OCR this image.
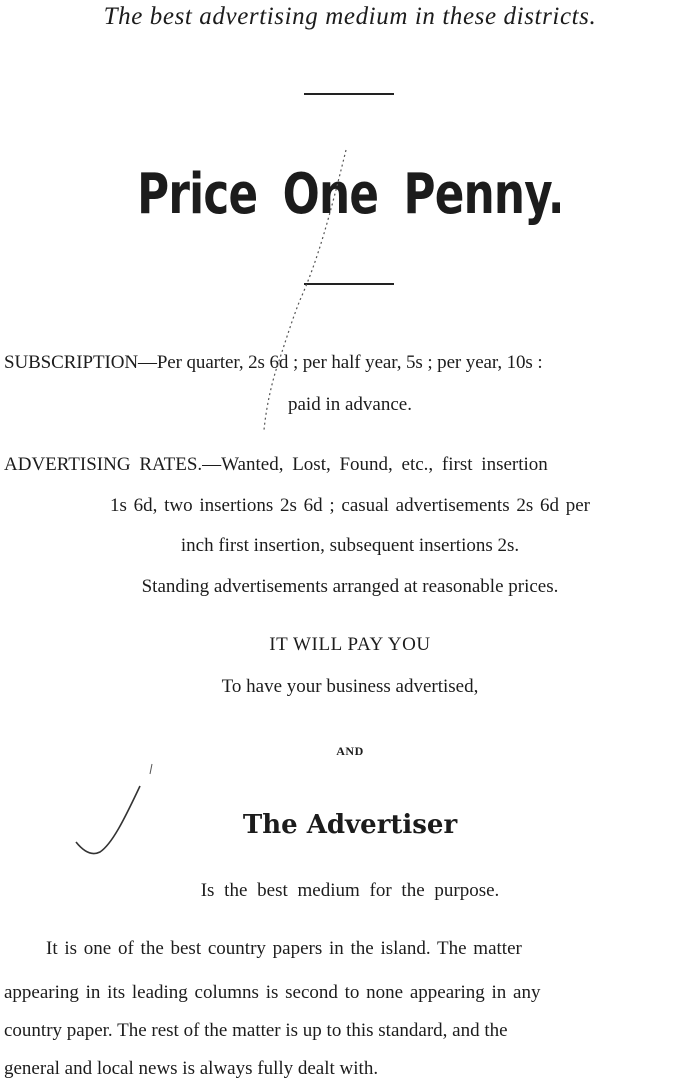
The best advertising medium in these districts.
Price One Penny.
SUBSCRIPTION—Per quarter, 2s 6d ; per half year, 5s ; per year, 10s :
paid in advance.
ADVERTISING RATES.—Wanted, Lost, Found, etc., first insertion
1s 6d, two insertions 2s 6d ; casual advertisements 2s 6d per
inch first insertion, subsequent insertions 2s.
Standing advertisements arranged at reasonable prices.
IT WILL PAY YOU
To have your business advertised,
AND
The Advertiser
Is the best medium for the purpose.
It is one of the best country papers in the island. The matter
appearing in its leading columns is second to none appearing in any
country paper. The rest of the matter is up to this standard, and the
general and local news is always fully dealt with.
